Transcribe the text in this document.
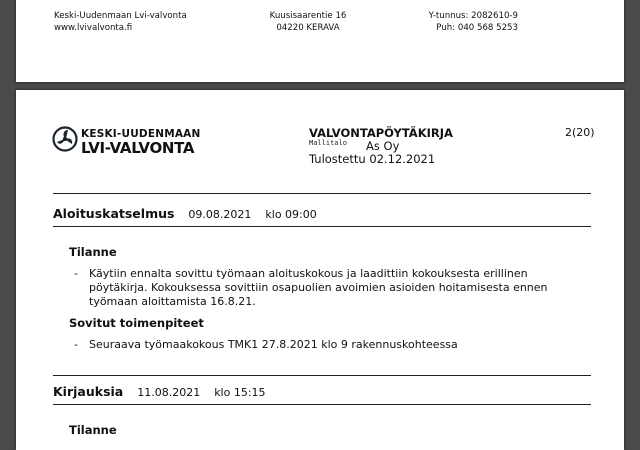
Keski-Uudenmaan Lvi-valvonta
www.lvivalvonta.fi
Kuusisaarentie 16
04220 KERAVA
Y-tunnus: 2082610-9
Puh: 040 568 5253
KESKI-UUDENMAAN
LVI-VALVONTA
VALVONTAPÖYTÄKIRJA
Mallitalo As Oy
Tulostettu 02.12.2021
2(20)
Aloituskatselmus 09.08.2021 klo 09:00
Tilanne
- Käytiin ennalta sovittu työmaan aloituskokous ja laadittiin kokouksesta erillinen pöytäkirja. Kokouksessa sovittiin osapuolien avoimien asioiden hoitamisesta ennen työmaan aloittamista 16.8.21.
Sovitut toimenpiteet
- Seuraava työmaakokous TMK1 27.8.2021 klo 9 rakennuskohteessa
Kirjauksia 11.08.2021 klo 15:15
Tilanne
